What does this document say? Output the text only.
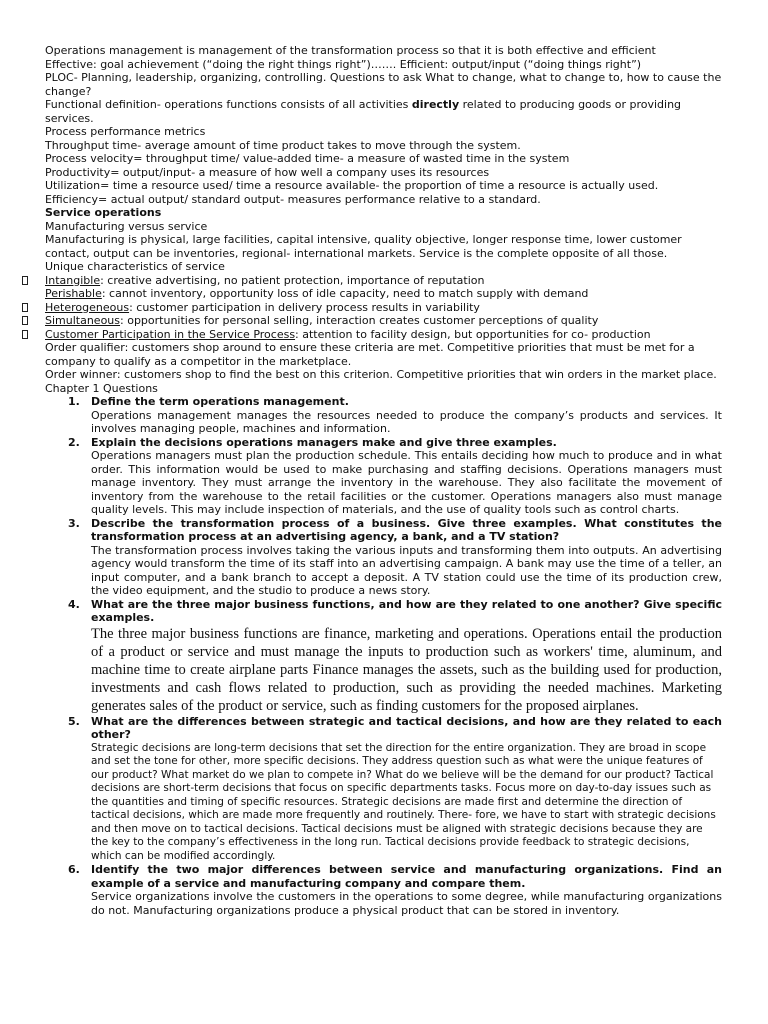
Operations management is management of the transformation process so that it is both effective and efficient

Effective: goal achievement (“doing the right things right”)……. Efficient: output/input (“doing things right”)

PLOC- Planning, leadership, organizing, controlling. Questions to ask What to change, what to change to, how to cause the change?

Functional definition- operations functions consists of all activities directly related to producing goods or providing services.

Process performance metrics

Throughput time- average amount of time product takes to move through the system.

Process velocity= throughput time/ value-added time- a measure of wasted time in the system

Productivity= output/input- a measure of how well a company uses its resources

Utilization= time a resource used/ time a resource available- the proportion of time a resource is actually used.

Efficiency= actual output/ standard output- measures performance relative to a standard.

Service operations

Manufacturing versus service

Manufacturing is physical, large facilities, capital intensive, quality objective, longer response time, lower customer contact, output can be inventories, regional- international markets. Service is the complete opposite of all those.

Unique characteristics of service

Intangible: creative advertising, no patient protection, importance of reputation

Perishable: cannot inventory, opportunity loss of idle capacity, need to match supply with demand

Heterogeneous: customer participation in delivery process results in variability

Simultaneous: opportunities for personal selling, interaction creates customer perceptions of quality

Customer Participation in the Service Process: attention to facility design, but opportunities for co- production

Order qualifier: customers shop around to ensure these criteria are met. Competitive priorities that must be met for a company to qualify as a competitor in the marketplace.

Order winner: customers shop to find the best on this criterion. Competitive priorities that win orders in the market place.

Chapter 1 Questions

1. Define the term operations management.

Operations management manages the resources needed to produce the company’s products and services. It involves managing people, machines and information.

2. Explain the decisions operations managers make and give three examples.

Operations managers must plan the production schedule. This entails deciding how much to produce and in what order. This information would be used to make purchasing and staffing decisions. Operations managers must manage inventory. They must arrange the inventory in the warehouse. They also facilitate the movement of inventory from the warehouse to the retail facilities or the customer. Operations managers also must manage quality levels. This may include inspection of materials, and the use of quality tools such as control charts.

3. Describe the transformation process of a business. Give three examples. What constitutes the transformation process at an advertising agency, a bank, and a TV station?

The transformation process involves taking the various inputs and transforming them into outputs. An advertising agency would transform the time of its staff into an advertising campaign. A bank may use the time of a teller, an input computer, and a bank branch to accept a deposit. A TV station could use the time of its production crew, the video equipment, and the studio to produce a news story.

4. What are the three major business functions, and how are they related to one another? Give specific examples.

The three major business functions are finance, marketing and operations. Operations entail the production of a product or service and must manage the inputs to production such as workers' time, aluminum, and machine time to create airplane parts Finance manages the assets, such as the building used for production, investments and cash flows related to production, such as providing the needed machines. Marketing generates sales of the product or service, such as finding customers for the proposed airplanes.

5. What are the differences between strategic and tactical decisions, and how are they related to each other?

Strategic decisions are long-term decisions that set the direction for the entire organization. They are broad in scope and set the tone for other, more specific decisions. They address question such as what were the unique features of our product? What market do we plan to compete in? What do we believe will be the demand for our product? Tactical decisions are short-term decisions that focus on specific departments tasks. Focus more on day-to-day issues such as the quantities and timing of specific resources. Strategic decisions are made first and determine the direction of tactical decisions, which are made more frequently and routinely. There- fore, we have to start with strategic decisions and then move on to tactical decisions. Tactical decisions must be aligned with strategic decisions because they are the key to the company’s effectiveness in the long run. Tactical decisions provide feedback to strategic decisions, which can be modified accordingly.

6. Identify the two major differences between service and manufacturing organizations. Find an example of a service and manufacturing company and compare them.

Service organizations involve the customers in the operations to some degree, while manufacturing organizations do not. Manufacturing organizations produce a physical product that can be stored in inventory.
